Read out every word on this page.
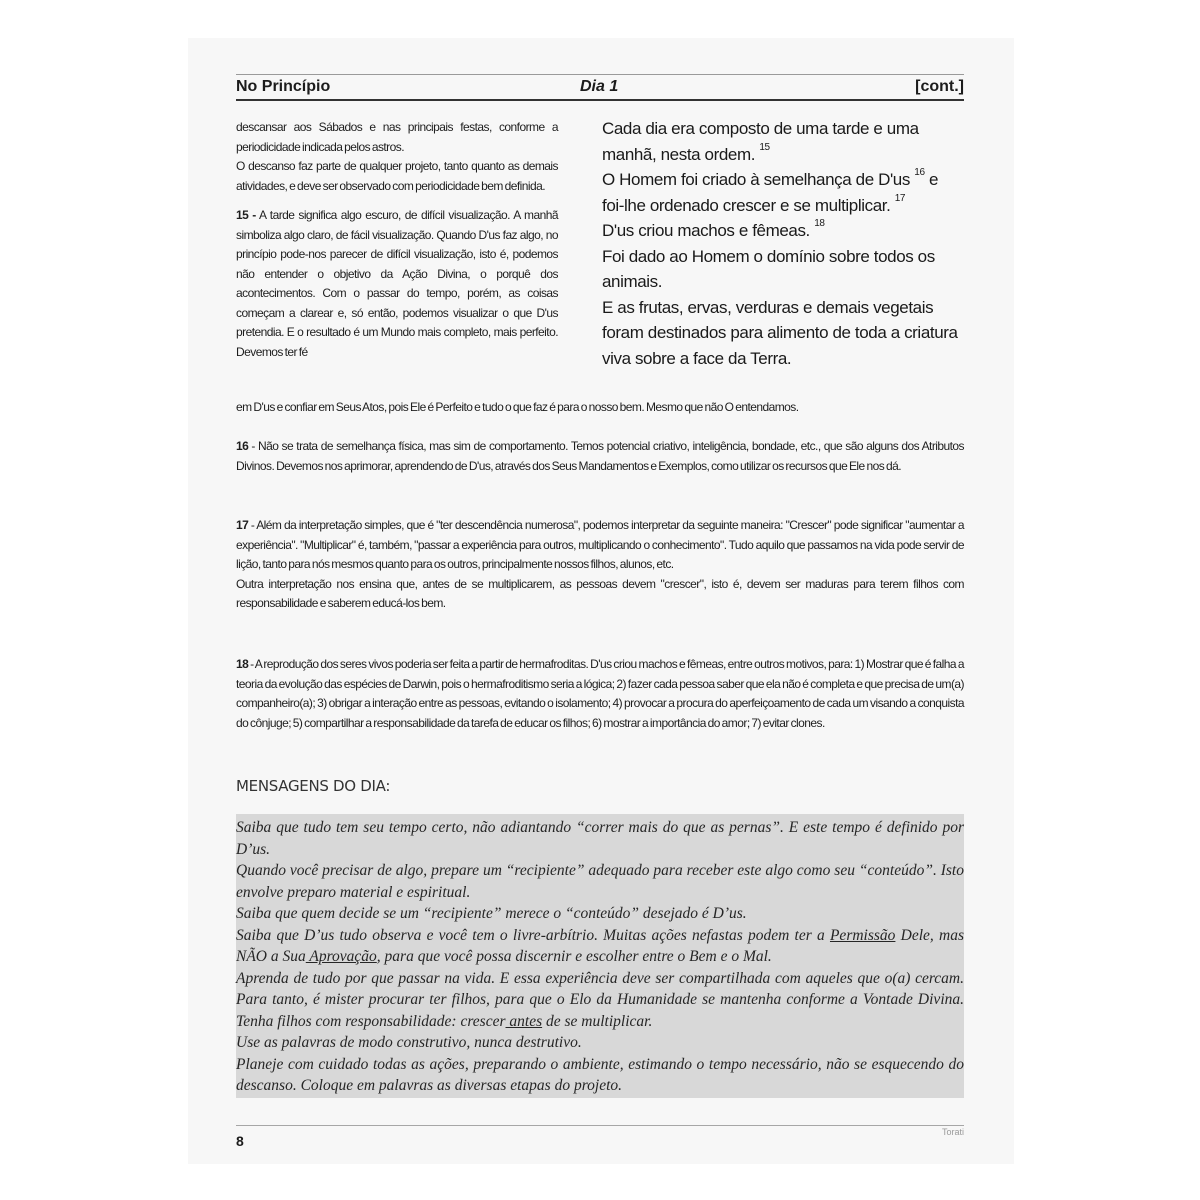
No Princípio	Dia 1	[cont.]

descansar aos Sábados e nas principais festas, conforme a periodicidade indicada pelos astros.

O descanso faz parte de qualquer projeto, tanto quanto as demais atividades, e deve ser observado com periodicidade bem definida.

15 - A tarde significa algo escuro, de difícil visualização. A manhã simboliza algo claro, de fácil visualização. Quando D'us faz algo, no princípio pode-nos parecer de difícil visualização, isto é, podemos não entender o objetivo da Ação Divina, o porquê dos acontecimentos. Com o passar do tempo, porém, as coisas começam a clarear e, só então, podemos visualizar o que D'us pretendia. E o resultado é um Mundo mais completo, mais perfeito. Devemos ter fé

Cada dia era composto de uma tarde e uma manhã, nesta ordem. $^{15}$

O Homem foi criado à semelhança de D'us $^{16}$ e foi-lhe ordenado crescer e se multiplicar. $^{17}$

D'us criou machos e fêmeas. $^{18}$

Foi dado ao Homem o domínio sobre todos os animais.

E as frutas, ervas, verduras e demais vegetais foram destinados para alimento de toda a criatura viva sobre a face da Terra.

em D'us e confiar em Seus Atos, pois Ele é Perfeito e tudo o que faz é para o nosso bem. Mesmo que não O entendamos.

16 - Não se trata de semelhança física, mas sim de comportamento. Temos potencial criativo, inteligência, bondade, etc., que são alguns dos Atributos Divinos. Devemos nos aprimorar, aprendendo de D'us, através dos Seus Mandamentos e Exemplos, como utilizar os recursos que Ele nos dá.

17 - Além da interpretação simples, que é "ter descendência numerosa", podemos interpretar da seguinte maneira: "Crescer" pode significar "aumentar a experiência". "Multiplicar" é, também, "passar a experiência para outros, multiplicando o conhecimento". Tudo aquilo que passamos na vida pode servir de lição, tanto para nós mesmos quanto para os outros, principalmente nossos filhos, alunos, etc.

Outra interpretação nos ensina que, antes de se multiplicarem, as pessoas devem "crescer", isto é, devem ser maduras para terem filhos com responsabilidade e saberem educá-los bem.

18 - A reprodução dos seres vivos poderia ser feita a partir de hermafroditas. D'us criou machos e fêmeas, entre outros motivos, para: 1) Mostrar que é falha a teoria da evolução das espécies de Darwin, pois o hermafroditismo seria a lógica; 2) fazer cada pessoa saber que ela não é completa e que precisa de um(a) companheiro(a); 3) obrigar a interação entre as pessoas, evitando o isolamento; 4) provocar a procura do aperfeiçoamento de cada um visando a conquista do cônjuge; 5) compartilhar a responsabilidade da tarefa de educar os filhos; 6) mostrar a importância do amor; 7) evitar clones.

MENSAGENS DO DIA:

Saiba que tudo tem seu tempo certo, não adiantando “correr mais do que as pernas”. E este tempo é definido por D’us.

Quando você precisar de algo, prepare um “recipiente” adequado para receber este algo como seu “conteúdo”. Isto envolve preparo material e espiritual.

Saiba que quem decide se um “recipiente” merece o “conteúdo” desejado é D’us.

Saiba que D’us tudo observa e você tem o livre-arbítrio. Muitas ações nefastas podem ter a Permissão Dele, mas NÃO a Sua Aprovação, para que você possa discernir e escolher entre o Bem e o Mal.

Aprenda de tudo por que passar na vida. E essa experiência deve ser compartilhada com aqueles que o(a) cercam. Para tanto, é mister procurar ter filhos, para que o Elo da Humanidade se mantenha conforme a Vontade Divina. Tenha filhos com responsabilidade: crescer antes de se multiplicar.

Use as palavras de modo construtivo, nunca destrutivo.

Planeje com cuidado todas as ações, preparando o ambiente, estimando o tempo necessário, não se esquecendo do descanso. Coloque em palavras as diversas etapas do projeto.

8
Torati
